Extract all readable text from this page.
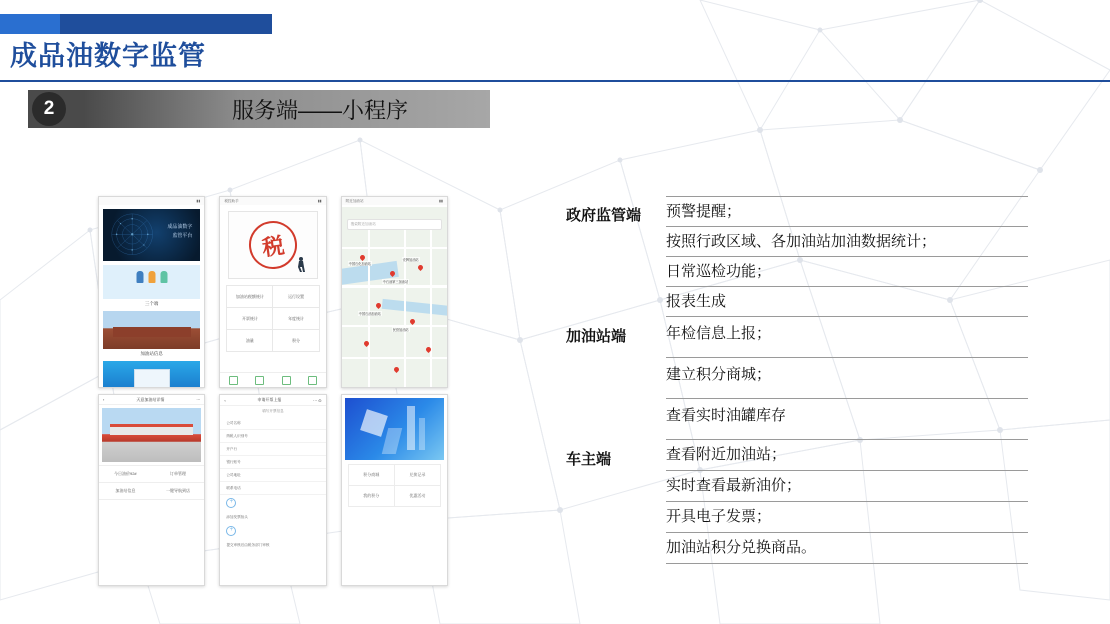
成品油数字监管
2	服务端——小程序
▮▮
成品油数字
监管平台
三个端
加油站信息
税控助手	▮▮
税
加油站税额统计	运行设置
开票统计	年度统计
油量	积分
附近加油站	▮▮
中国石化加油站
中石油第三加油站
壳牌加油站
中国石油加油站
民营加油站
搜索附近加油站
‹	天意加油站详情	⋯
今日油价92#	订单管理
加油站信息	一键导航到店
‹	申请开票上报	⋯ ⊙
填写开票信息
公司名称
纳税人识别号
开户行
银行账号
公司地址
联系电话
+
添加发票抬头
+
提交审核后由税务部门审核
积分商城	兑换记录
我的积分	优惠活动
政府监管端	预警提醒；
按照行政区域、各加油站加油数据统计；
日常巡检功能；
报表生成
加油站端	年检信息上报；
建立积分商城；
查看实时油罐库存
车主端	查看附近加油站；
实时查看最新油价；
开具电子发票；
加油站积分兑换商品。
